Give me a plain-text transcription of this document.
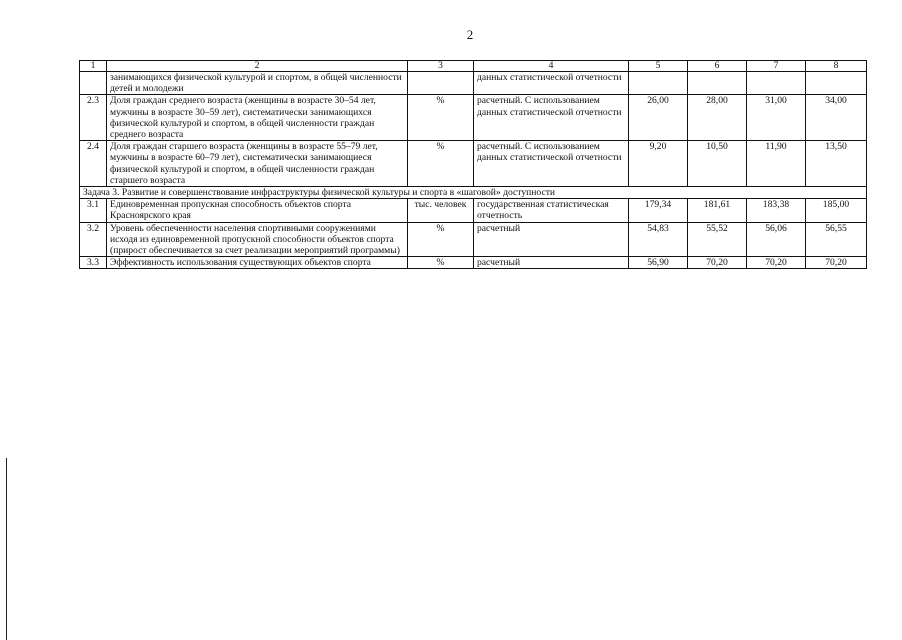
2
1	2	3	4	5	6	7	8
	занимающихся физической культурой и спортом, в общей численности детей и молодежи		данных статистической отчетности				
2.3	Доля граждан среднего возраста (женщины в возрасте 30–54 лет, мужчины в возрасте 30–59 лет), систематически занимающихся физической культурой и спортом, в общей численности граждан среднего возраста	%	расчетный. С использованием данных статистической отчетности	26,00	28,00	31,00	34,00
2.4	Доля граждан старшего возраста (женщины в возрасте 55–79 лет, мужчины в возрасте 60–79 лет), систематически занимающиеся физической культурой и спортом, в общей численности граждан старшего возраста	%	расчетный. С использованием данных статистической отчетности	9,20	10,50	11,90	13,50
Задача 3. Развитие и совершенствование инфраструктуры физической культуры и спорта в «шаговой» доступности							
3.1	Единовременная пропускная способность объектов спорта Красноярского края	тыс. человек	государственная статистическая отчетность	179,34	181,61	183,38	185,00
3.2	Уровень обеспеченности населения спортивными сооружениями исходя из единовременной пропускной способности объектов спорта (прирост обеспечивается за счет реализации мероприятий программы)	%	расчетный	54,83	55,52	56,06	56,55
3.3	Эффективность использования существующих объектов спорта	%	расчетный	56,90	70,20	70,20	70,20
